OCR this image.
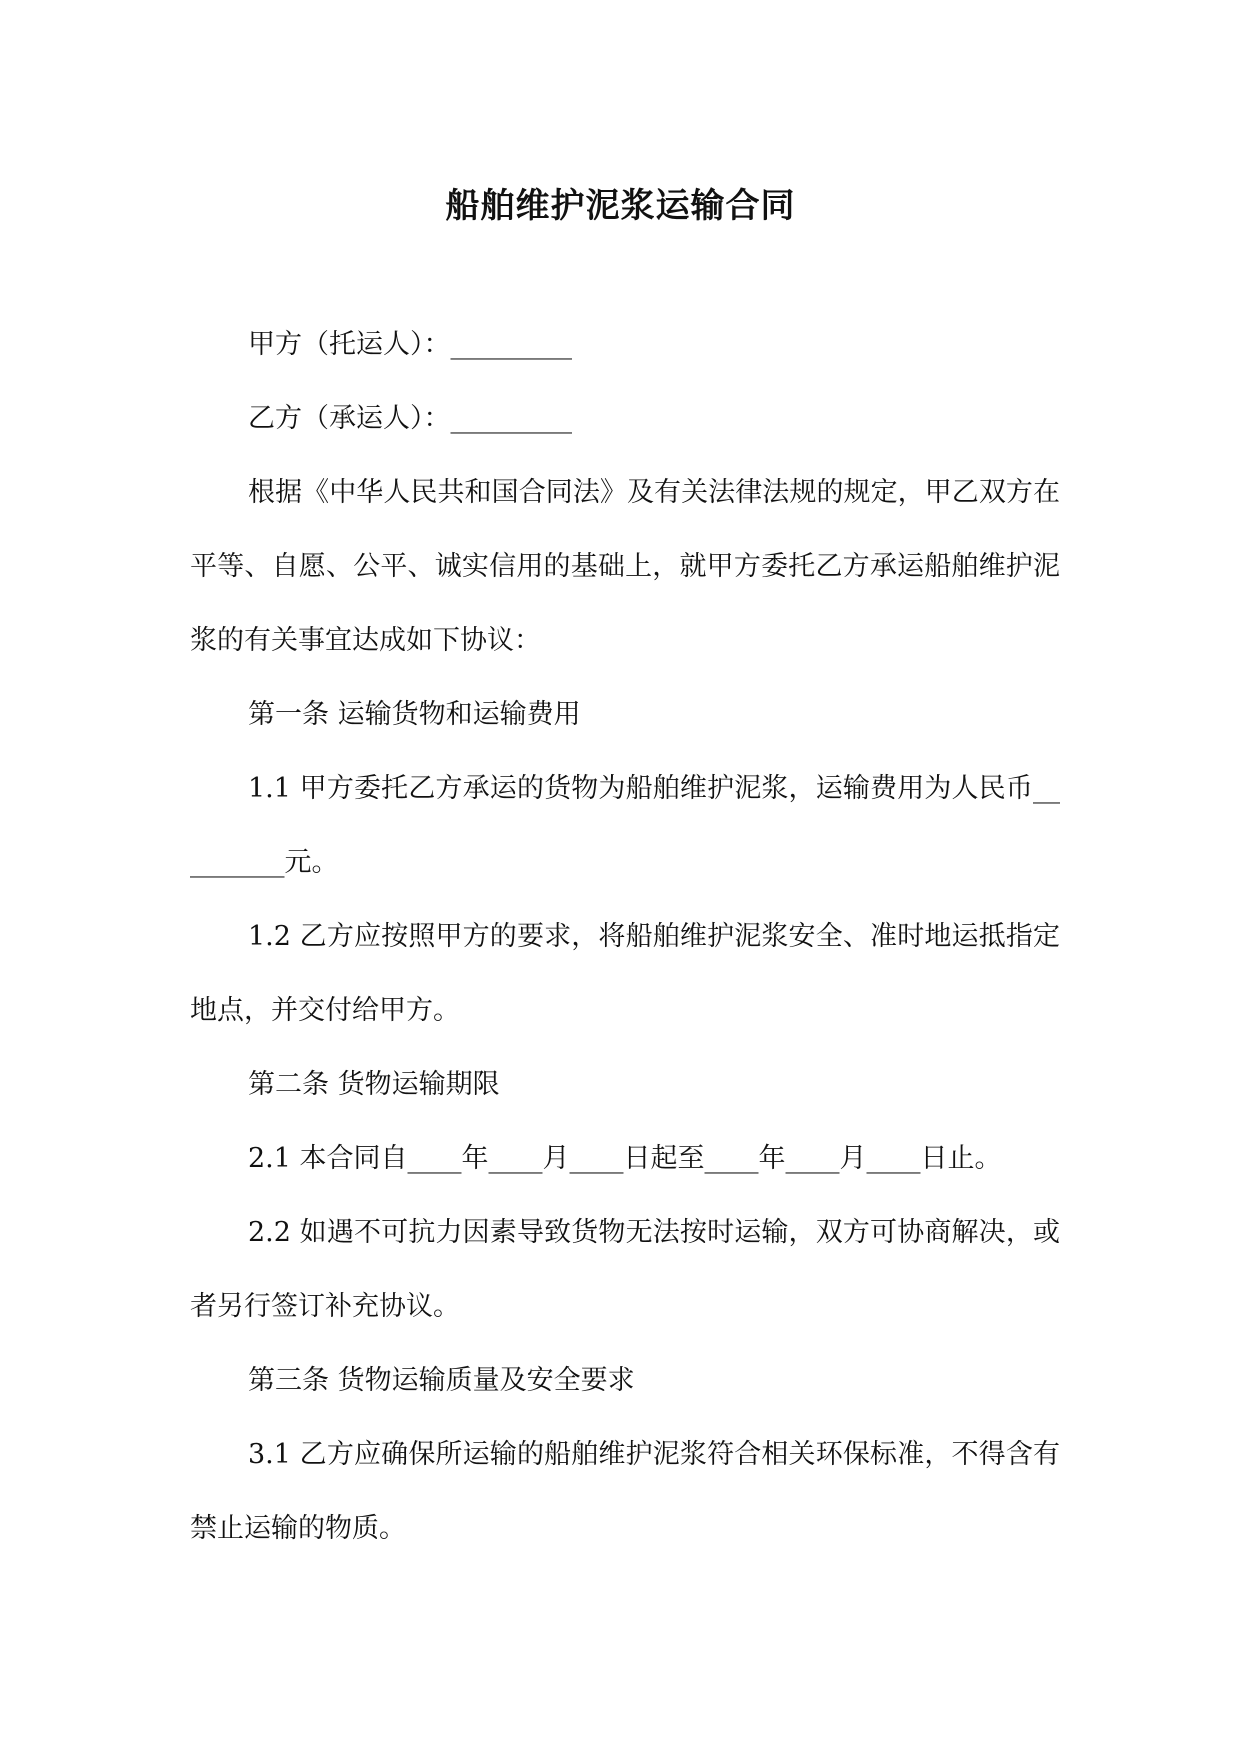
船舶维护泥浆运输合同

甲方（托运人）：_________

乙方（承运人）：_________

根据《中华人民共和国合同法》及有关法律法规的规定，甲乙双方在平等、自愿、公平、诚实信用的基础上，就甲方委托乙方承运船舶维护泥浆的有关事宜达成如下协议：

第一条 运输货物和运输费用

1.1 甲方委托乙方承运的货物为船舶维护泥浆，运输费用为人民币_________元。

1.2 乙方应按照甲方的要求，将船舶维护泥浆安全、准时地运抵指定地点，并交付给甲方。

第二条 货物运输期限

2.1 本合同自____年____月____日起至____年____月____日止。

2.2 如遇不可抗力因素导致货物无法按时运输，双方可协商解决，或者另行签订补充协议。

第三条 货物运输质量及安全要求

3.1 乙方应确保所运输的船舶维护泥浆符合相关环保标准，不得含有禁止运输的物质。
